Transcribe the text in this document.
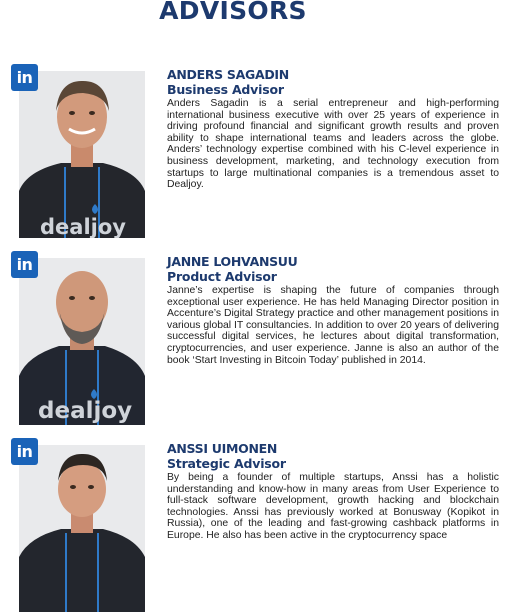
ADVISORS
dealjoy
in	ANDERS SAGADIN
Business Advisor
Anders Sagadin is a serial entrepreneur and high-performing international business executive with over 25 years of experience in driving profound financial and significant growth results and proven ability to shape international teams and leaders across the globe. Anders’ technology expertise combined with his C-level experience in business development, marketing, and technology execution from startups to large multinational companies is a tremendous asset to Dealjoy.
dealjoy
in	JANNE LOHVANSUU
Product Advisor
Janne’s expertise is shaping the future of companies through exceptional user experience. He has held Managing Director position in Accenture’s Digital Strategy practice and other management positions in various global IT consultancies. In addition to over 20 years of delivering successful digital services, he lectures about digital transformation, cryptocurrencies, and user experience. Janne is also an author of the book ‘Start Investing in Bitcoin Today’ published in 2014.
in	ANSSI UIMONEN
Strategic Advisor
By being a founder of multiple startups, Anssi has a holistic understanding and know-how in many areas from User Experience to full-stack software development, growth hacking and blockchain technologies. Anssi has previously worked at Bonusway (Kopikot in Russia), one of the leading and fast-growing cashback platforms in Europe. He also has been active in the cryptocurrency space
